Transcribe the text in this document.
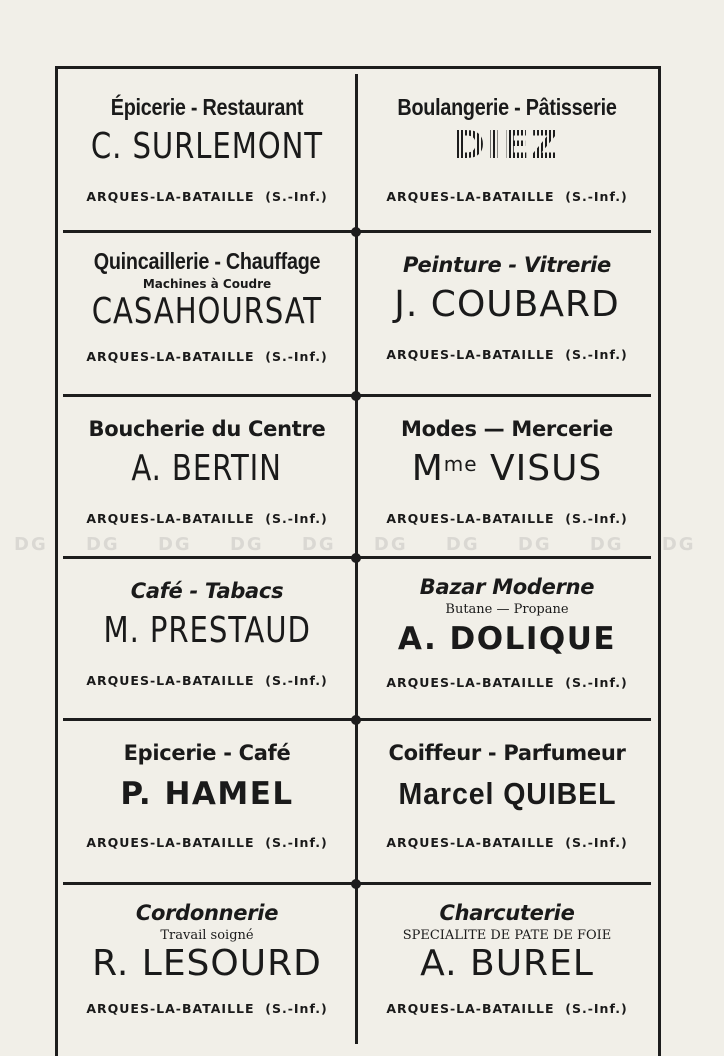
Épicerie - Restaurant
C. SURLEMONT
ARQUES-LA-BATAILLE  (S.-Inf.)
Boulangerie - Pâtisserie
DIEZ
ARQUES-LA-BATAILLE  (S.-Inf.)
Quincaillerie - Chauffage
Machines à Coudre
CASAHOURSAT
ARQUES-LA-BATAILLE  (S.-Inf.)
Peinture - Vitrerie
J. COUBARD
ARQUES-LA-BATAILLE  (S.-Inf.)
Boucherie du Centre
A. BERTIN
ARQUES-LA-BATAILLE  (S.-Inf.)
Modes — Mercerie
$M^{me}$ VISUS
ARQUES-LA-BATAILLE  (S.-Inf.)
Café - Tabacs
M. PRESTAUD
ARQUES-LA-BATAILLE  (S.-Inf.)
Bazar Moderne
Butane — Propane
A. DOLIQUE
ARQUES-LA-BATAILLE  (S.-Inf.)
Epicerie - Café
P. HAMEL
ARQUES-LA-BATAILLE  (S.-Inf.)
Coiffeur - Parfumeur
Marcel QUIBEL
ARQUES-LA-BATAILLE  (S.-Inf.)
Cordonnerie
Travail soigné
R. LESOURD
ARQUES-LA-BATAILLE  (S.-Inf.)
Charcuterie
SPECIALITE DE PATE DE FOIE
A. BUREL
ARQUES-LA-BATAILLE  (S.-Inf.)
DG DG DG DG DG DG DG DG DG DG
